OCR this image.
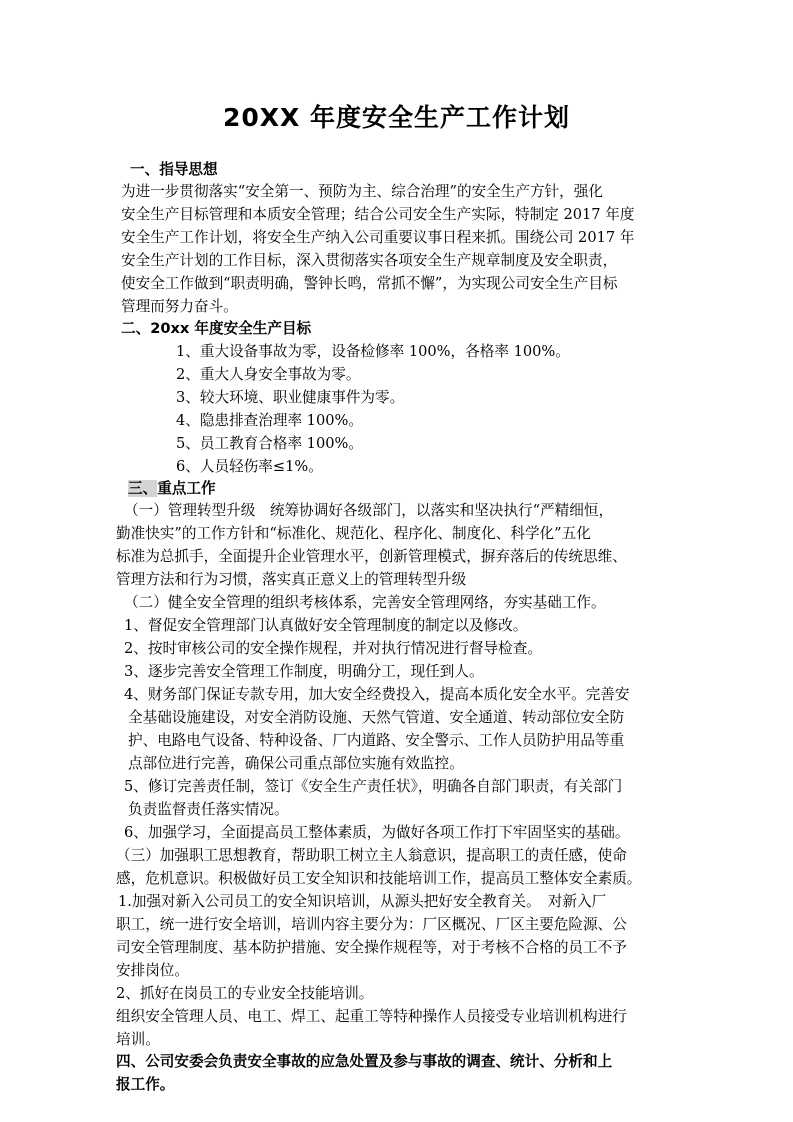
20XX 年度安全生产工作计划
一、指导思想
为进一步贯彻落实“安全第一、预防为主、综合治理”的安全生产方针，强化
安全生产目标管理和本质安全管理；结合公司安全生产实际，特制定 2017 年度
安全生产工作计划，将安全生产纳入公司重要议事日程来抓。围绕公司 2017 年
安全生产计划的工作目标，深入贯彻落实各项安全生产规章制度及安全职责，
使安全工作做到“职责明确，警钟长鸣，常抓不懈”，为实现公司安全生产目标
管理而努力奋斗。
二、20xx 年度安全生产目标
1、重大设备事故为零，设备检修率 100%，各格率 100%。
2、重大人身安全事故为零。
3、较大环境、职业健康事件为零。
4、隐患排查治理率 100%。
5、员工教育合格率 100%。
6、人员轻伤率≤1%。
三、重点工作
（一）管理转型升级　统筹协调好各级部门，以落实和坚决执行“严精细恒，
勤准快实”的工作方针和“标准化、规范化、程序化、制度化、科学化”五化
标准为总抓手，全面提升企业管理水平，创新管理模式，摒弃落后的传统思维、
管理方法和行为习惯，落实真正意义上的管理转型升级
（二）健全安全管理的组织考核体系，完善安全管理网络，夯实基础工作。
1、督促安全管理部门认真做好安全管理制度的制定以及修改。
2、按时审核公司的安全操作规程，并对执行情况进行督导检查。
3、逐步完善安全管理工作制度，明确分工，现任到人。
4、财务部门保证专款专用，加大安全经费投入，提高本质化安全水平。完善安
全基础设施建设，对安全消防设施、天然气管道、安全通道、转动部位安全防
护、电路电气设备、特种设备、厂内道路、安全警示、工作人员防护用品等重
点部位进行完善，确保公司重点部位实施有效监控。
5、修订完善责任制，签订《安全生产责任状》，明确各自部门职责，有关部门
负责监督责任落实情况。
6、加强学习，全面提高员工整体素质，为做好各项工作打下牢固坚实的基础。
（三）加强职工思想教育，帮助职工树立主人翁意识，提高职工的责任感，使命
感，危机意识。积极做好员工安全知识和技能培训工作，提高员工整体安全素质。
1.加强对新入公司员工的安全知识培训，从源头把好安全教育关。　对新入厂
职工，统一进行安全培训，培训内容主要分为：厂区概况、厂区主要危险源、公
司安全管理制度、基本防护措施、安全操作规程等，对于考核不合格的员工不予
安排岗位。
2、抓好在岗员工的专业安全技能培训。
组织安全管理人员、电工、焊工、起重工等特种操作人员接受专业培训机构进行
培训。
四、公司安委会负责安全事故的应急处置及参与事故的调查、统计、分析和上
报工作。
